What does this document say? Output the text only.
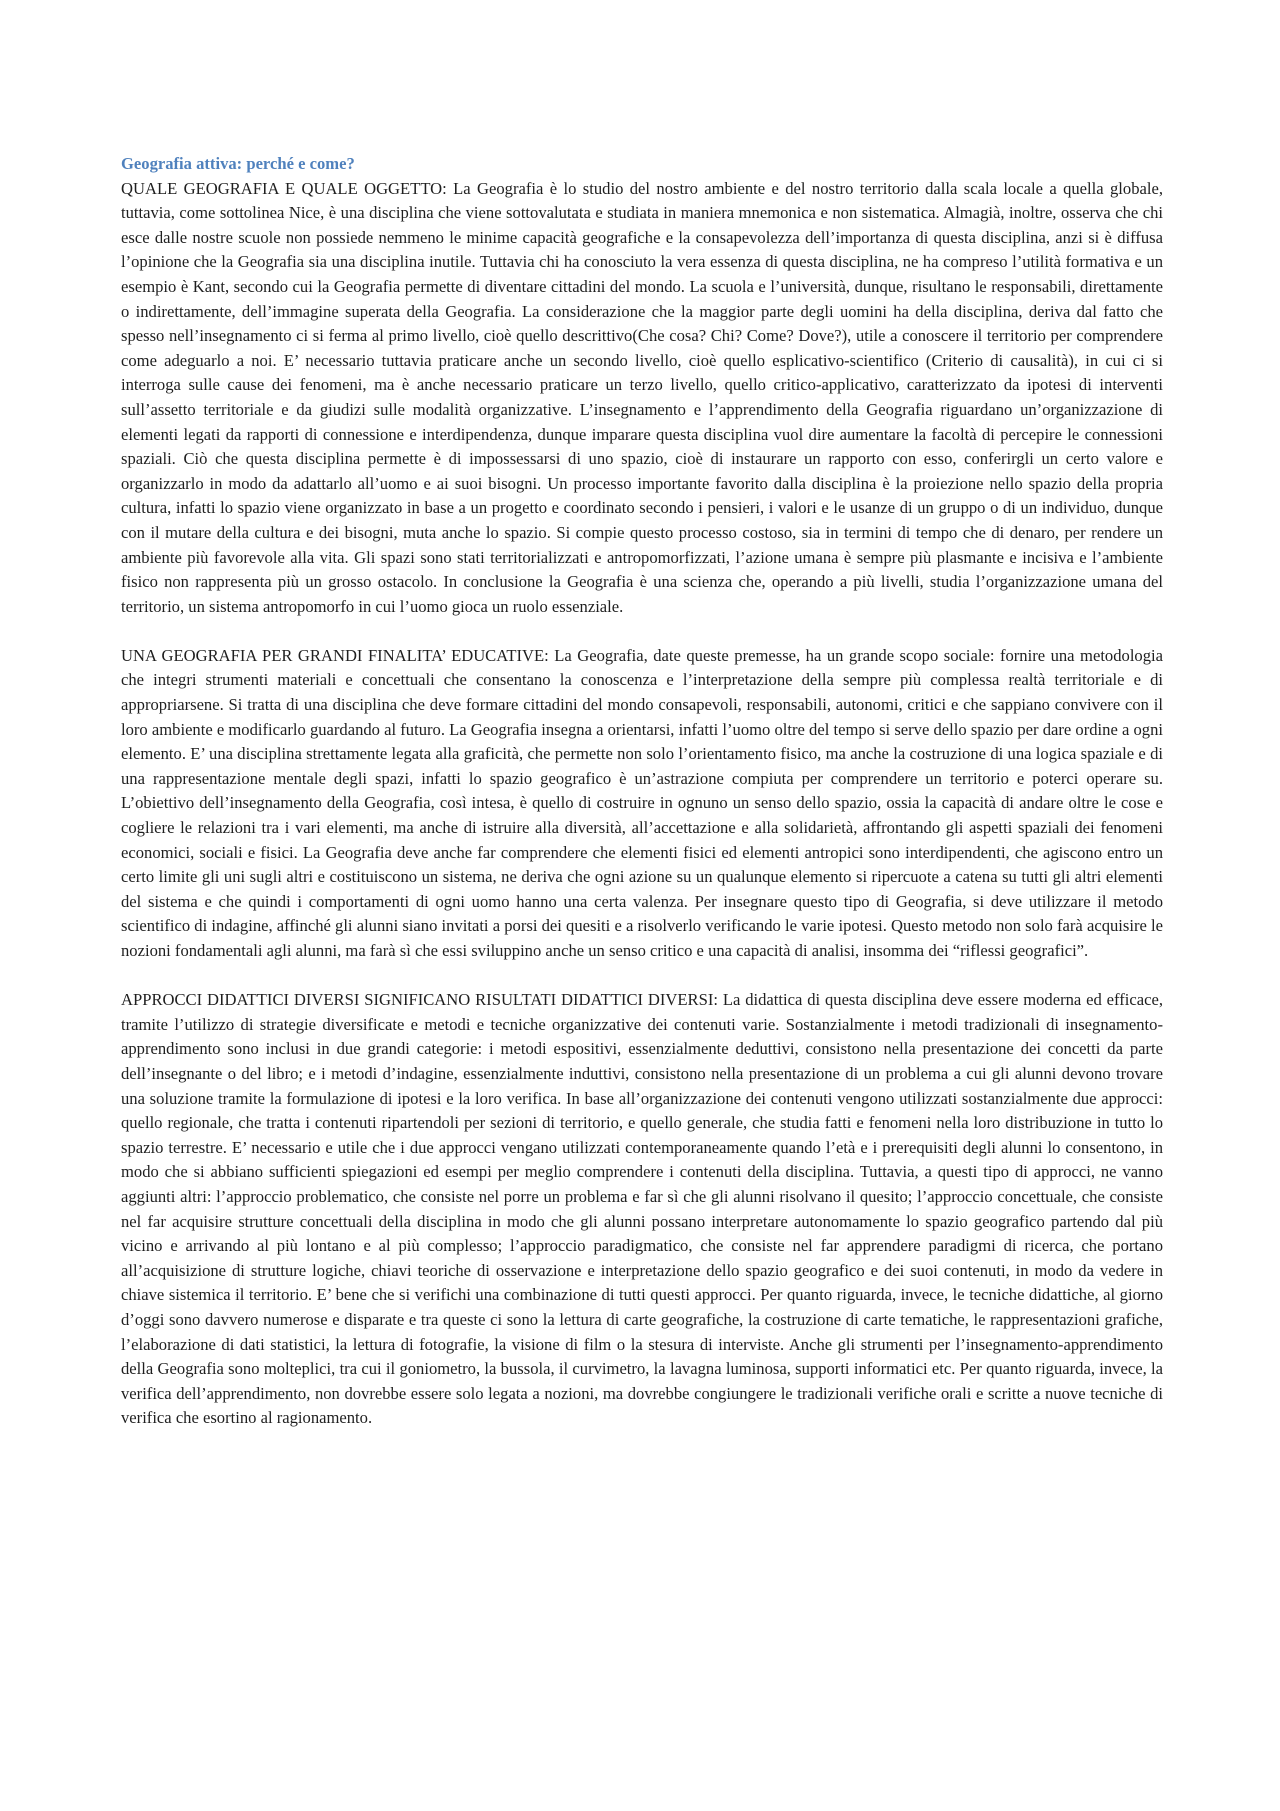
Geografia attiva: perché e come?

QUALE GEOGRAFIA E QUALE OGGETTO: La Geografia è lo studio del nostro ambiente e del nostro territorio dalla scala locale a quella globale, tuttavia, come sottolinea Nice, è una disciplina che viene sottovalutata e studiata in maniera mnemonica e non sistematica. Almagià, inoltre, osserva che chi esce dalle nostre scuole non possiede nemmeno le minime capacità geografiche e la consapevolezza dell’importanza di questa disciplina, anzi si è diffusa l’opinione che la Geografia sia una disciplina inutile. Tuttavia chi ha conosciuto la vera essenza di questa disciplina, ne ha compreso l’utilità formativa e un esempio è Kant, secondo cui la Geografia permette di diventare cittadini del mondo. La scuola e l’università, dunque, risultano le responsabili, direttamente o indirettamente, dell’immagine superata della Geografia. La considerazione che la maggior parte degli uomini ha della disciplina, deriva dal fatto che spesso nell’insegnamento ci si ferma al primo livello, cioè quello descrittivo(Che cosa? Chi? Come? Dove?), utile a conoscere il territorio per comprendere come adeguarlo a noi. E’ necessario tuttavia praticare anche un secondo livello, cioè quello esplicativo-scientifico (Criterio di causalità), in cui ci si interroga sulle cause dei fenomeni, ma è anche necessario praticare un terzo livello, quello critico-applicativo, caratterizzato da ipotesi di interventi sull’assetto territoriale e da giudizi sulle modalità organizzative. L’insegnamento e l’apprendimento della Geografia riguardano un’organizzazione di elementi legati da rapporti di connessione e interdipendenza, dunque imparare questa disciplina vuol dire aumentare la facoltà di percepire le connessioni spaziali. Ciò che questa disciplina permette è di impossessarsi di uno spazio, cioè di instaurare un rapporto con esso, conferirgli un certo valore e organizzarlo in modo da adattarlo all’uomo e ai suoi bisogni. Un processo importante favorito dalla disciplina è la proiezione nello spazio della propria cultura, infatti lo spazio viene organizzato in base a un progetto e coordinato secondo i pensieri, i valori e le usanze di un gruppo o di un individuo, dunque con il mutare della cultura e dei bisogni, muta anche lo spazio. Si compie questo processo costoso, sia in termini di tempo che di denaro, per rendere un ambiente più favorevole alla vita. Gli spazi sono stati territorializzati e antropomorfizzati, l’azione umana è sempre più plasmante e incisiva e l’ambiente fisico non rappresenta più un grosso ostacolo. In conclusione la Geografia è una scienza che, operando a più livelli, studia l’organizzazione umana del territorio, un sistema antropomorfo in cui l’uomo gioca un ruolo essenziale.

UNA GEOGRAFIA PER GRANDI FINALITA’ EDUCATIVE: La Geografia, date queste premesse, ha un grande scopo sociale: fornire una metodologia che integri strumenti materiali e concettuali che consentano la conoscenza e l’interpretazione della sempre più complessa realtà territoriale e di appropriarsene. Si tratta di una disciplina che deve formare cittadini del mondo consapevoli, responsabili, autonomi, critici e che sappiano convivere con il loro ambiente e modificarlo guardando al futuro. La Geografia insegna a orientarsi, infatti l’uomo oltre del tempo si serve dello spazio per dare ordine a ogni elemento. E’ una disciplina strettamente legata alla graficità, che permette non solo l’orientamento fisico, ma anche la costruzione di una logica spaziale e di una rappresentazione mentale degli spazi, infatti lo spazio geografico è un’astrazione compiuta per comprendere un territorio e poterci operare su. L’obiettivo dell’insegnamento della Geografia, così intesa, è quello di costruire in ognuno un senso dello spazio, ossia la capacità di andare oltre le cose e cogliere le relazioni tra i vari elementi, ma anche di istruire alla diversità, all’accettazione e alla solidarietà, affrontando gli aspetti spaziali dei fenomeni economici, sociali e fisici. La Geografia deve anche far comprendere che elementi fisici ed elementi antropici sono interdipendenti, che agiscono entro un certo limite gli uni sugli altri e costituiscono un sistema, ne deriva che ogni azione su un qualunque elemento si ripercuote a catena su tutti gli altri elementi del sistema e che quindi i comportamenti di ogni uomo hanno una certa valenza. Per insegnare questo tipo di Geografia, si deve utilizzare il metodo scientifico di indagine, affinché gli alunni siano invitati a porsi dei quesiti e a risolverlo verificando le varie ipotesi. Questo metodo non solo farà acquisire le nozioni fondamentali agli alunni, ma farà sì che essi sviluppino anche un senso critico e una capacità di analisi, insomma dei “riflessi geografici”.

APPROCCI DIDATTICI DIVERSI SIGNIFICANO RISULTATI DIDATTICI DIVERSI: La didattica di questa disciplina deve essere moderna ed efficace, tramite l’utilizzo di strategie diversificate e metodi e tecniche organizzative dei contenuti varie. Sostanzialmente i metodi tradizionali di insegnamento-apprendimento sono inclusi in due grandi categorie: i metodi espositivi, essenzialmente deduttivi, consistono nella presentazione dei concetti da parte dell’insegnante o del libro; e i metodi d’indagine, essenzialmente induttivi, consistono nella presentazione di un problema a cui gli alunni devono trovare una soluzione tramite la formulazione di ipotesi e la loro verifica. In base all’organizzazione dei contenuti vengono utilizzati sostanzialmente due approcci: quello regionale, che tratta i contenuti ripartendoli per sezioni di territorio, e quello generale, che studia fatti e fenomeni nella loro distribuzione in tutto lo spazio terrestre. E’ necessario e utile che i due approcci vengano utilizzati contemporaneamente quando l’età e i prerequisiti degli alunni lo consentono, in modo che si abbiano sufficienti spiegazioni ed esempi per meglio comprendere i contenuti della disciplina. Tuttavia, a questi tipo di approcci, ne vanno aggiunti altri: l’approccio problematico, che consiste nel porre un problema e far sì che gli alunni risolvano il quesito; l’approccio concettuale, che consiste nel far acquisire strutture concettuali della disciplina in modo che gli alunni possano interpretare autonomamente lo spazio geografico partendo dal più vicino e arrivando al più lontano e al più complesso; l’approccio paradigmatico, che consiste nel far apprendere paradigmi di ricerca, che portano all’acquisizione di strutture logiche, chiavi teoriche di osservazione e interpretazione dello spazio geografico e dei suoi contenuti, in modo da vedere in chiave sistemica il territorio. E’ bene che si verifichi una combinazione di tutti questi approcci. Per quanto riguarda, invece, le tecniche didattiche, al giorno d’oggi sono davvero numerose e disparate e tra queste ci sono la lettura di carte geografiche, la costruzione di carte tematiche, le rappresentazioni grafiche, l’elaborazione di dati statistici, la lettura di fotografie, la visione di film o la stesura di interviste. Anche gli strumenti per l’insegnamento-apprendimento della Geografia sono molteplici, tra cui il goniometro, la bussola, il curvimetro, la lavagna luminosa, supporti informatici etc. Per quanto riguarda, invece, la verifica dell’apprendimento, non dovrebbe essere solo legata a nozioni, ma dovrebbe congiungere le tradizionali verifiche orali e scritte a nuove tecniche di verifica che esortino al ragionamento.
